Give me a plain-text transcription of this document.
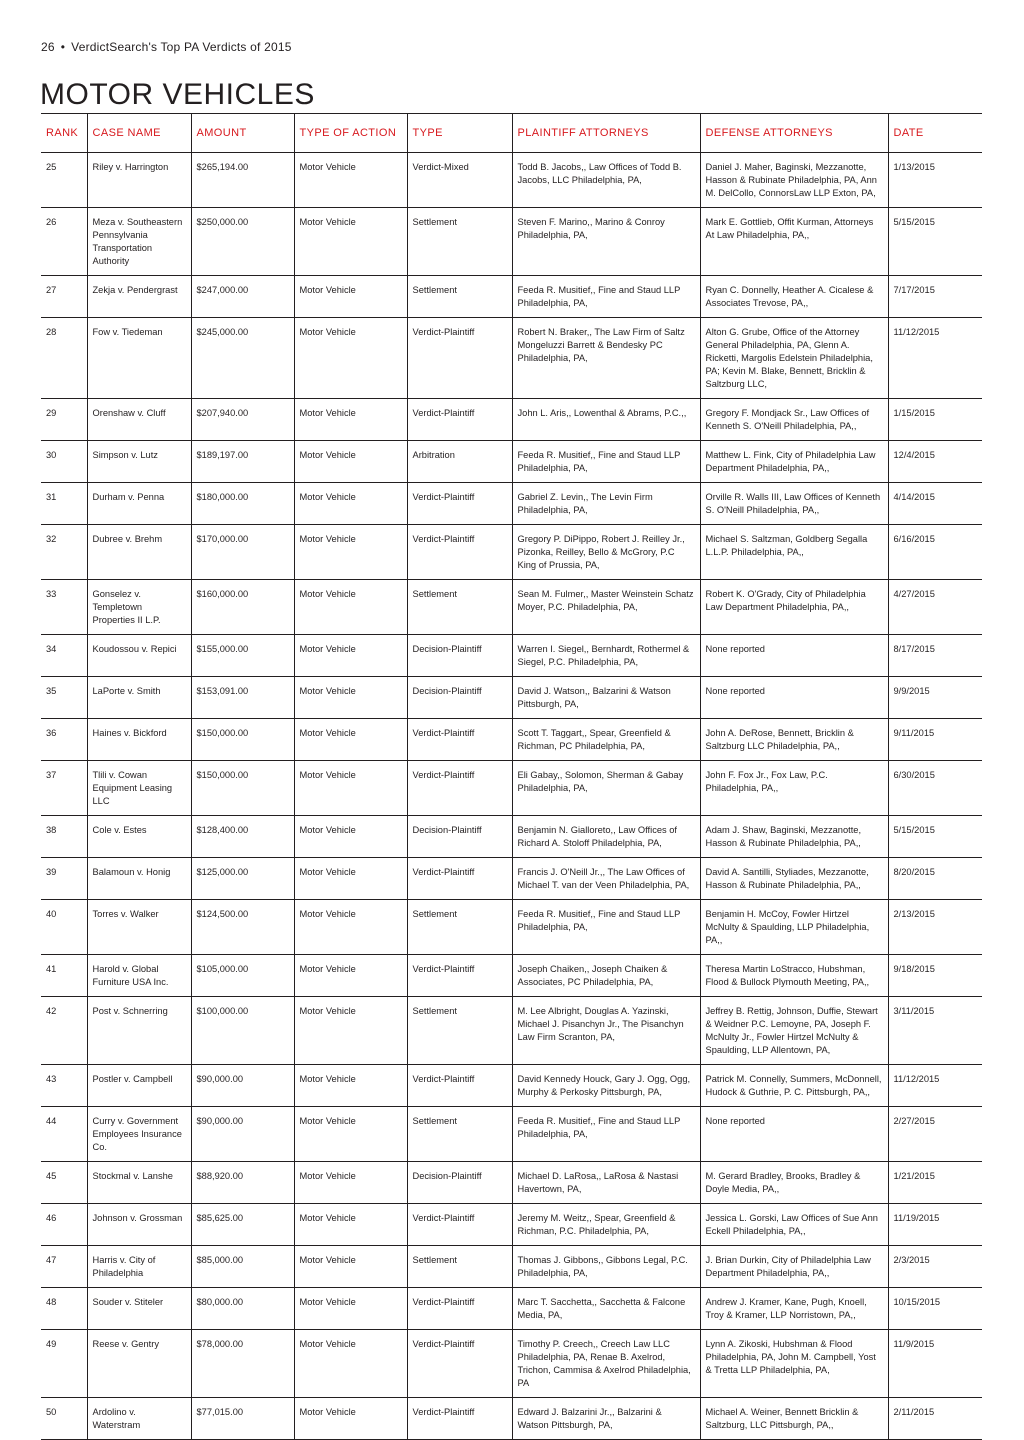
26 • VerdictSearch's Top PA Verdicts of 2015
MOTOR VEHICLES
RANK	CASE NAME	AMOUNT	TYPE OF ACTION	TYPE	PLAINTIFF ATTORNEYS	DEFENSE ATTORNEYS	DATE
25	Riley v. Harrington	$265,194.00	Motor Vehicle	Verdict-Mixed	Todd B. Jacobs,, Law Offices of Todd B. Jacobs, LLC Philadelphia, PA,	Daniel J. Maher, Baginski, Mezzanotte, Hasson & Rubinate Philadelphia, PA, Ann M. DelCollo, ConnorsLaw LLP Exton, PA,	1/13/2015
26	Meza v. Southeastern Pennsylvania Transportation Authority	$250,000.00	Motor Vehicle	Settlement	Steven F. Marino,, Marino & Conroy Philadelphia, PA,	Mark E. Gottlieb, Offit Kurman, Attorneys At Law Philadelphia, PA,,	5/15/2015
27	Zekja v. Pendergrast	$247,000.00	Motor Vehicle	Settlement	Feeda R. Musitief,, Fine and Staud LLP Philadelphia, PA,	Ryan C. Donnelly, Heather A. Cicalese & Associates Trevose, PA,,	7/17/2015
28	Fow v. Tiedeman	$245,000.00	Motor Vehicle	Verdict-Plaintiff	Robert N. Braker,, The Law Firm of Saltz Mongeluzzi Barrett & Bendesky PC Philadelphia, PA,	Alton G. Grube, Office of the Attorney General Philadelphia, PA, Glenn A. Ricketti, Margolis Edelstein Philadelphia, PA; Kevin M. Blake, Bennett, Bricklin & Saltzburg LLC,	11/12/2015
29	Orenshaw v. Cluff	$207,940.00	Motor Vehicle	Verdict-Plaintiff	John L. Aris,, Lowenthal & Abrams, P.C.,,	Gregory F. Mondjack Sr., Law Offices of Kenneth S. O'Neill Philadelphia, PA,,	1/15/2015
30	Simpson v. Lutz	$189,197.00	Motor Vehicle	Arbitration	Feeda R. Musitief,, Fine and Staud LLP Philadelphia, PA,	Matthew L. Fink, City of Philadelphia Law Department Philadelphia, PA,,	12/4/2015
31	Durham v. Penna	$180,000.00	Motor Vehicle	Verdict-Plaintiff	Gabriel Z. Levin,, The Levin Firm Philadelphia, PA,	Orville R. Walls III, Law Offices of Kenneth S. O'Neill Philadelphia, PA,,	4/14/2015
32	Dubree v. Brehm	$170,000.00	Motor Vehicle	Verdict-Plaintiff	Gregory P. DiPippo, Robert J. Reilley Jr., Pizonka, Reilley, Bello & McGrory, P.C King of Prussia, PA,	Michael S. Saltzman, Goldberg Segalla L.L.P. Philadelphia, PA,,	6/16/2015
33	Gonselez v. Templetown Properties II L.P.	$160,000.00	Motor Vehicle	Settlement	Sean M. Fulmer,, Master Weinstein Schatz Moyer, P.C. Philadelphia, PA,	Robert K. O'Grady, City of Philadelphia Law Department Philadelphia, PA,,	4/27/2015
34	Koudossou v. Repici	$155,000.00	Motor Vehicle	Decision-Plaintiff	Warren I. Siegel,, Bernhardt, Rothermel & Siegel, P.C. Philadelphia, PA,	None reported	8/17/2015
35	LaPorte v. Smith	$153,091.00	Motor Vehicle	Decision-Plaintiff	David J. Watson,, Balzarini & Watson Pittsburgh, PA,	None reported	9/9/2015
36	Haines v. Bickford	$150,000.00	Motor Vehicle	Verdict-Plaintiff	Scott T. Taggart,, Spear, Greenfield & Richman, PC Philadelphia, PA,	John A. DeRose, Bennett, Bricklin & Saltzburg LLC Philadelphia, PA,,	9/11/2015
37	Tlili v. Cowan Equipment Leasing LLC	$150,000.00	Motor Vehicle	Verdict-Plaintiff	Eli Gabay,, Solomon, Sherman & Gabay Philadelphia, PA,	John F. Fox Jr., Fox Law, P.C. Philadelphia, PA,,	6/30/2015
38	Cole v. Estes	$128,400.00	Motor Vehicle	Decision-Plaintiff	Benjamin N. Gialloreto,, Law Offices of Richard A. Stoloff Philadelphia, PA,	Adam J. Shaw, Baginski, Mezzanotte, Hasson & Rubinate Philadelphia, PA,,	5/15/2015
39	Balamoun v. Honig	$125,000.00	Motor Vehicle	Verdict-Plaintiff	Francis J. O'Neill Jr.,, The Law Offices of Michael T. van der Veen Philadelphia, PA,	David A. Santilli, Styliades, Mezzanotte, Hasson & Rubinate Philadelphia, PA,,	8/20/2015
40	Torres v. Walker	$124,500.00	Motor Vehicle	Settlement	Feeda R. Musitief,, Fine and Staud LLP Philadelphia, PA,	Benjamin H. McCoy, Fowler Hirtzel McNulty & Spaulding, LLP Philadelphia, PA,,	2/13/2015
41	Harold v. Global Furniture USA Inc.	$105,000.00	Motor Vehicle	Verdict-Plaintiff	Joseph Chaiken,, Joseph Chaiken & Associates, PC Philadelphia, PA,	Theresa Martin LoStracco, Hubshman, Flood & Bullock Plymouth Meeting, PA,,	9/18/2015
42	Post v. Schnerring	$100,000.00	Motor Vehicle	Settlement	M. Lee Albright, Douglas A. Yazinski, Michael J. Pisanchyn Jr., The Pisanchyn Law Firm Scranton, PA,	Jeffrey B. Rettig, Johnson, Duffie, Stewart & Weidner P.C. Lemoyne, PA, Joseph F. McNulty Jr., Fowler Hirtzel McNulty & Spaulding, LLP Allentown, PA,	3/11/2015
43	Postler v. Campbell	$90,000.00	Motor Vehicle	Verdict-Plaintiff	David Kennedy Houck, Gary J. Ogg, Ogg, Murphy & Perkosky Pittsburgh, PA,	Patrick M. Connelly, Summers, McDonnell, Hudock & Guthrie, P. C. Pittsburgh, PA,,	11/12/2015
44	Curry v. Government Employees Insurance Co.	$90,000.00	Motor Vehicle	Settlement	Feeda R. Musitief,, Fine and Staud LLP Philadelphia, PA,	None reported	2/27/2015
45	Stockmal v. Lanshe	$88,920.00	Motor Vehicle	Decision-Plaintiff	Michael D. LaRosa,, LaRosa & Nastasi Havertown, PA,	M. Gerard Bradley, Brooks, Bradley & Doyle Media, PA,,	1/21/2015
46	Johnson v. Grossman	$85,625.00	Motor Vehicle	Verdict-Plaintiff	Jeremy M. Weitz,, Spear, Greenfield & Richman, P.C. Philadelphia, PA,	Jessica L. Gorski, Law Offices of Sue Ann Eckell Philadelphia, PA,,	11/19/2015
47	Harris v. City of Philadelphia	$85,000.00	Motor Vehicle	Settlement	Thomas J. Gibbons,, Gibbons Legal, P.C. Philadelphia, PA,	J. Brian Durkin, City of Philadelphia Law Department Philadelphia, PA,,	2/3/2015
48	Souder v. Stiteler	$80,000.00	Motor Vehicle	Verdict-Plaintiff	Marc T. Sacchetta,, Sacchetta & Falcone Media, PA,	Andrew J. Kramer, Kane, Pugh, Knoell, Troy & Kramer, LLP Norristown, PA,,	10/15/2015
49	Reese v. Gentry	$78,000.00	Motor Vehicle	Verdict-Plaintiff	Timothy P. Creech,, Creech Law LLC Philadelphia, PA, Renae B. Axelrod, Trichon, Cammisa & Axelrod Philadelphia, PA	Lynn A. Zikoski, Hubshman & Flood Philadelphia, PA, John M. Campbell, Yost & Tretta LLP Philadelphia, PA,	11/9/2015
50	Ardolino v. Waterstram	$77,015.00	Motor Vehicle	Verdict-Plaintiff	Edward J. Balzarini Jr.,, Balzarini & Watson Pittsburgh, PA,	Michael A. Weiner, Bennett Bricklin & Saltzburg, LLC Pittsburgh, PA,,	2/11/2015
